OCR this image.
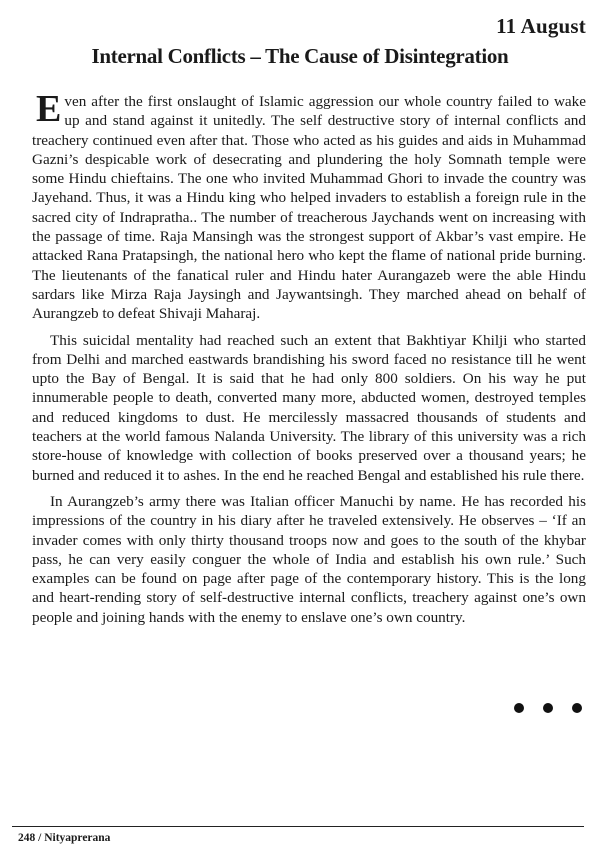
11 August
Internal Conflicts – The Cause of Disintegration

Even after the first onslaught of Islamic aggression our whole country failed to wake up and stand against it unitedly. The self destructive story of internal conflicts and treachery continued even after that. Those who acted as his guides and aids in Muhammad Gazni’s despicable work of desecrating and plundering the holy Somnath temple were some Hindu chieftains. The one who invited Muhammad Ghori to invade the country was Jayehand. Thus, it was a Hindu king who helped invaders to establish a foreign rule in the sacred city of Indrapratha.. The number of treacherous Jaychands went on increasing with the passage of time. Raja Mansingh was the strongest support of Akbar’s vast empire. He attacked Rana Pratapsingh, the national hero who kept the flame of national pride burning. The lieutenants of the fanatical ruler and Hindu hater Aurangazeb were the able Hindu sardars like Mirza Raja Jaysingh and Jaywantsingh. They marched ahead on behalf of Aurangzeb to defeat Shivaji Maharaj.

This suicidal mentality had reached such an extent that Bakhtiyar Khilji who started from Delhi and marched eastwards brandishing his sword faced no resistance till he went upto the Bay of Bengal. It is said that he had only 800 soldiers. On his way he put innumerable people to death, converted many more, abducted women, destroyed temples and reduced kingdoms to dust. He mercilessly massacred thousands of students and teachers at the world famous Nalanda University. The library of this university was a rich store-house of knowledge with collection of books preserved over a thousand years; he burned and reduced it to ashes. In the end he reached Bengal and established his rule there.

In Aurangzeb’s army there was Italian officer Manuchi by name. He has recorded his impressions of the country in his diary after he traveled extensively. He observes – ‘If an invader comes with only thirty thousand troops now and goes to the south of the khybar pass, he can very easily conguer the whole of India and establish his own rule.’ Such examples can be found on page after page of the contemporary history. This is the long and heart-rending story of self-destructive internal conflicts, treachery against one’s own people and joining hands with the enemy to enslave one’s own country.

248 / Nityaprerana
